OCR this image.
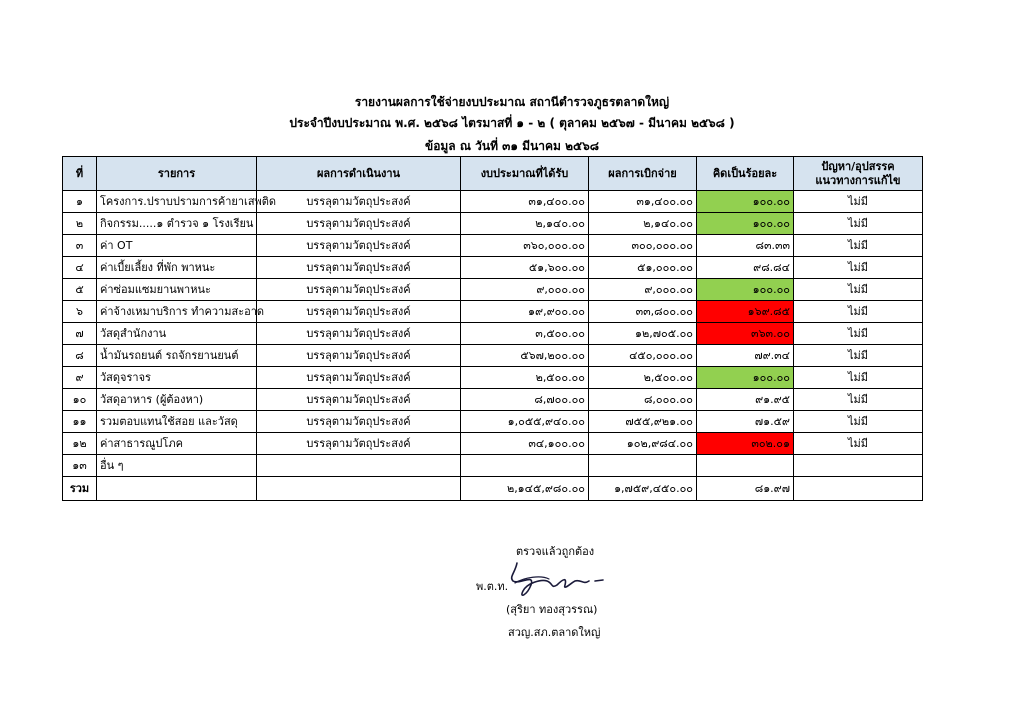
รายงานผลการใช้จ่ายงบประมาณ สถานีตำรวจภูธรตลาดใหญ่
ประจำปีงบประมาณ พ.ศ. ๒๕๖๘ ไตรมาสที่ ๑ - ๒ ( ตุลาคม ๒๕๖๗ - มีนาคม ๒๕๖๘ )
ข้อมูล ณ วันที่ ๓๑ มีนาคม ๒๕๖๘
ที่	รายการ	ผลการดำเนินงาน	งบประมาณที่ได้รับ	ผลการเบิกจ่าย	คิดเป็นร้อยละ	ปัญหา/อุปสรรค
แนวทางการแก้ไข

๑	โครงการ.ปราบปรามการค้ายาเสพติด	บรรลุตามวัตถุประสงค์	๓๑,๔๐๐.๐๐	๓๑,๔๐๐.๐๐	๑๐๐.๐๐	ไม่มี
๒	กิจกรรม.....๑ ตำรวจ ๑ โรงเรียน	บรรลุตามวัตถุประสงค์	๒,๑๔๐.๐๐	๒,๑๔๐.๐๐	๑๐๐.๐๐	ไม่มี
๓	ค่า OT	บรรลุตามวัตถุประสงค์	๓๖๐,๐๐๐.๐๐	๓๐๐,๐๐๐.๐๐	๘๓.๓๓	ไม่มี
๔	ค่าเบี้ยเลี้ยง ที่พัก พาหนะ	บรรลุตามวัตถุประสงค์	๕๑,๖๐๐.๐๐	๕๑,๐๐๐.๐๐	๙๘.๘๔	ไม่มี
๕	ค่าซ่อมแซมยานพาหนะ	บรรลุตามวัตถุประสงค์	๙,๐๐๐.๐๐	๙,๐๐๐.๐๐	๑๐๐.๐๐	ไม่มี
๖	ค่าจ้างเหมาบริการ ทำความสะอาด	บรรลุตามวัตถุประสงค์	๑๙,๙๐๐.๐๐	๓๓,๘๐๐.๐๐	๑๖๙.๘๕	ไม่มี
๗	วัสดุสำนักงาน	บรรลุตามวัตถุประสงค์	๓,๕๐๐.๐๐	๑๒,๗๐๕.๐๐	๓๖๓.๐๐	ไม่มี
๘	น้ำมันรถยนต์ รถจักรยานยนต์	บรรลุตามวัตถุประสงค์	๕๖๗,๒๐๐.๐๐	๔๕๐,๐๐๐.๐๐	๗๙.๓๔	ไม่มี
๙	วัสดุจราจร	บรรลุตามวัตถุประสงค์	๒,๕๐๐.๐๐	๒,๕๐๐.๐๐	๑๐๐.๐๐	ไม่มี
๑๐	วัสดุอาหาร (ผู้ต้องหา)	บรรลุตามวัตถุประสงค์	๘,๗๐๐.๐๐	๘,๐๐๐.๐๐	๙๑.๙๕	ไม่มี
๑๑	รวมตอบแทนใช้สอย และวัสดุ	บรรลุตามวัตถุประสงค์	๑,๐๕๕,๙๔๐.๐๐	๗๕๕,๙๒๑.๐๐	๗๑.๕๙	ไม่มี
๑๒	ค่าสาธารณูปโภค	บรรลุตามวัตถุประสงค์	๓๔,๑๐๐.๐๐	๑๐๒,๙๘๔.๐๐	๓๐๒.๐๑	ไม่มี
๑๓	อื่น ๆ					
รวม			๒,๑๔๕,๙๘๐.๐๐	๑,๗๕๙,๔๕๐.๐๐	๘๑.๙๗	
ตรวจแล้วถูกต้อง
พ.ต.ท.
(สุริยา ทองสุวรรณ)
สวญ.สภ.ตลาดใหญ่
